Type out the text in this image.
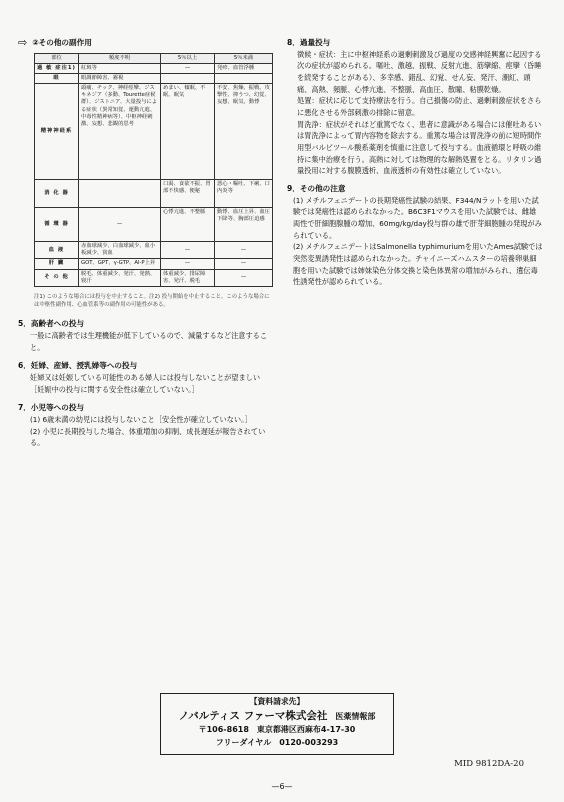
⇨ ②その他の副作用
部位	頻度不明	5％以上	5％未満
過 敏 症注1)	紅斑等	—	発疹、血管浮腫
眼	眼調節障害、霧視		
精神神経系	頭痛、チック、神経痙攣、ジスキネジア（多動、Tourette症候群）、ジストニア、大量投与による症状（異常知覚、運動亢進、中毒性精神病等）、中枢神経刺激、妄想、悲観的思考	めまい、傾眠、不眠、眠気	不安、焦燥、振戦、攻撃性、抑うつ、幻覚、妄想、眠気、動悸
消 化 器		口渇、食欲不振、胃部不快感、便秘	悪心・嘔吐、下痢、口内炎等
循 環 器	—	心悸亢進、不整脈	動悸、血圧上昇、血圧下降等、胸部圧迫感
血 液	赤血球減少、白血球減少、血小板減少、貧血	—	—
肝 臓	GOT、GPT、γ-GTP、Al-P上昇	—	—
そ の 他	脱毛、体重減少、発汗、発熱、寝汗	体重減少、排尿障害、発汗、脱毛	—
注1) このような場合には投与を中止すること。注2) 投与開始を中止すること。このような場合には中枢性副作用、心血管系等の副作用の可能性がある。
5．高齢者への投与
一般に高齢者では生理機能が低下しているので、減量するなど注意すること。
6．妊婦、産婦、授乳婦等への投与
妊婦又は妊娠している可能性のある婦人には投与しないことが望ましい［妊娠中の投与に関する安全性は確立していない。］
7．小児等への投与
(1) 6歳未満の幼児には投与しないこと［安全性が確立していない。］
(2) 小児に長期投与した場合、体重増加の抑制、成長遅延が報告されている。
8．過量投与
徴候・症状：主に中枢神経系の過剰刺激及び過度の交感神経興奮に起因する次の症状が認められる。嘔吐、激越、振戦、反射亢進、筋攣縮、痙攣（昏睡を続発することがある）、多幸感、錯乱、幻覚、せん妄、発汗、潮紅、頭痛、高熱、頻脈、心悸亢進、不整脈、高血圧、散瞳、粘膜乾燥。
処置：症状に応じて支持療法を行う。自己損傷の防止、過剰刺激症状をさらに悪化させる外部刺激の排除に留意。
胃洗浄：症状がそれほど重篤でなく、患者に意識がある場合には催吐あるいは胃洗浄によって胃内容物を除去する。重篤な場合は胃洗浄の前に短時間作用型バルビツール酸系薬剤を慎重に注意して投与する。血液循環と呼吸の維持に集中治療を行う。高熱に対しては物理的な解熱処置をとる。リタリン過量投用に対する腹膜透析、血液透析の有効性は確立していない。
9．その他の注意
(1) メチルフェニデートの長期発癌性試験の結果、F344/Nラットを用いた試験では発癌性は認められなかった。B6C3F1マウスを用いた試験では、雌雄両性で肝細胞腺腫の増加、60mg/kg/day投与群の雄で肝芽細胞腫の発現がみられている。
(2) メチルフェニデートはSalmonella typhimuriumを用いたAmes試験では突然変異誘発性は認められなかった。チャイニーズハムスターの培養卵巣細胞を用いた試験では姉妹染色分体交換と染色体異常の増加がみられ、遺伝毒性誘発性が認められている。
【資料請求先】
ノバルティス ファーマ株式会社 医薬情報部
〒106-8618　東京都港区西麻布4-17-30
フリーダイヤル　0120-003293
MID 9812DA-20
—6—
